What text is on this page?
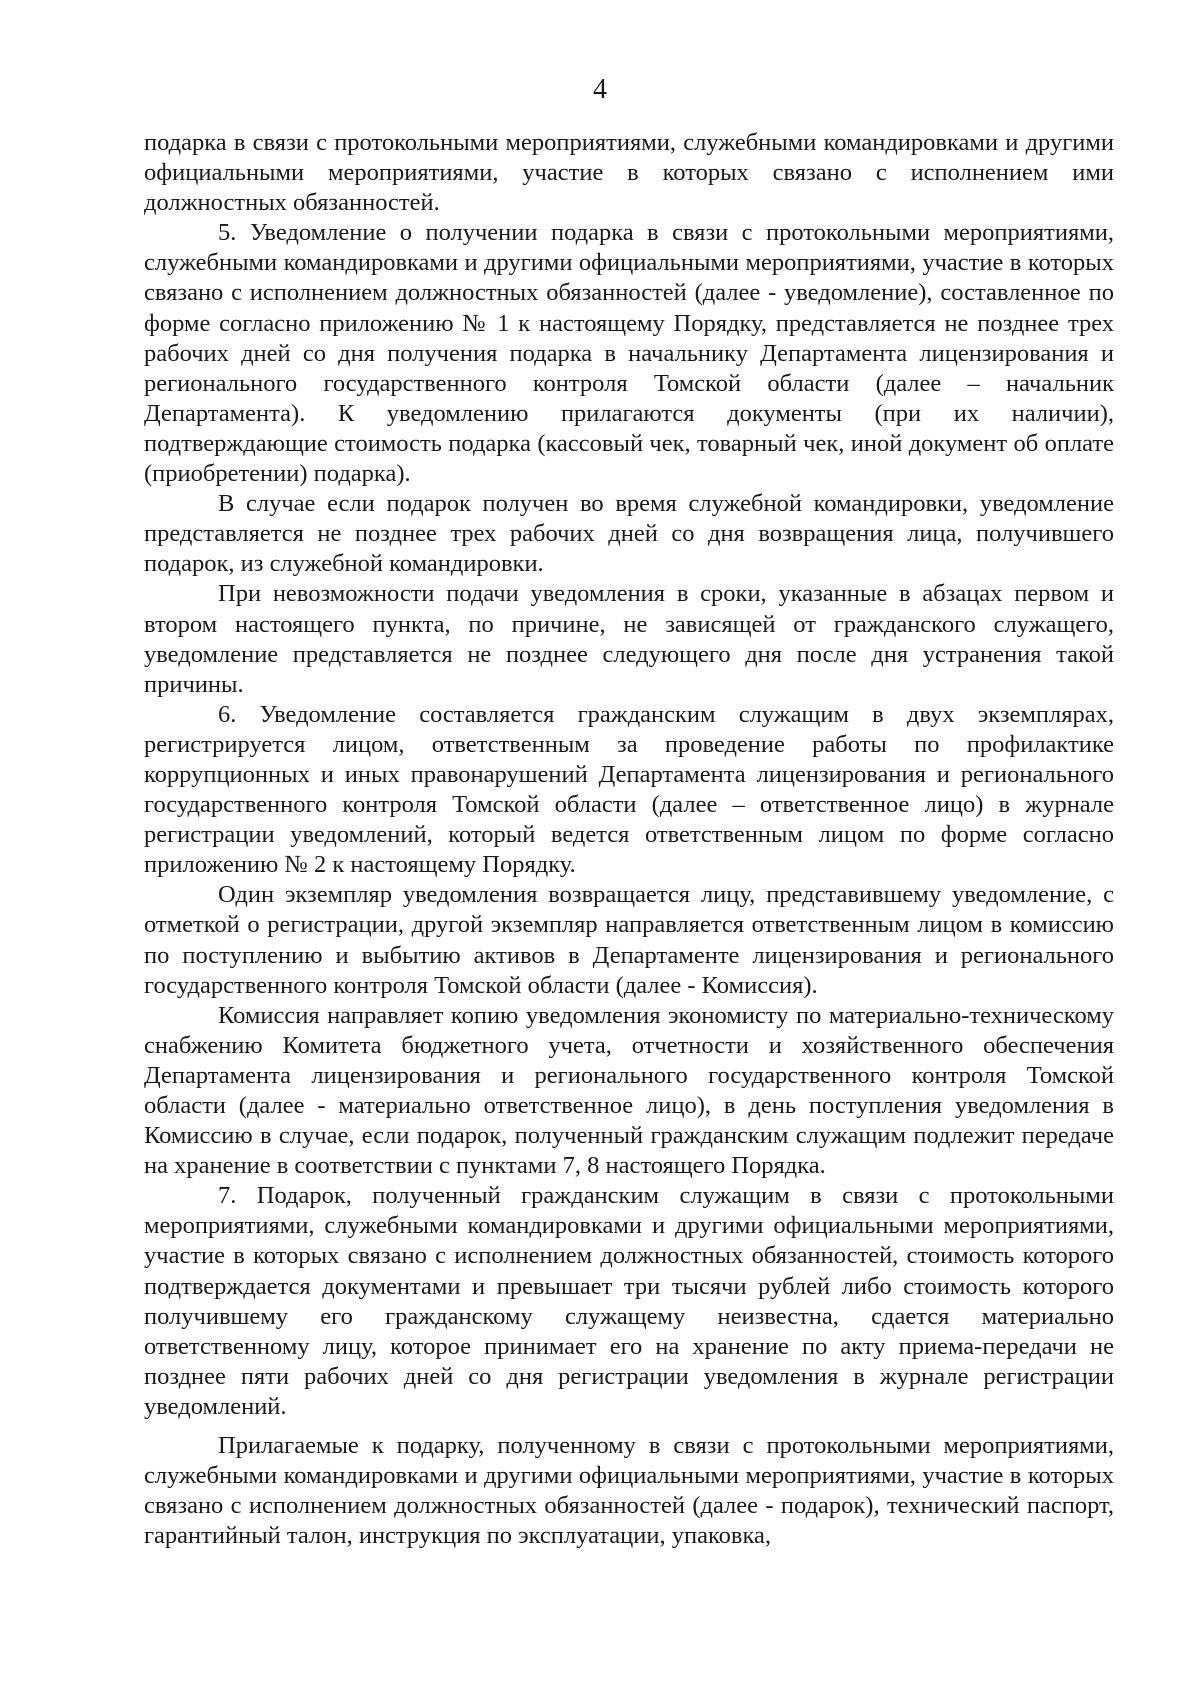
4

подарка в связи с протокольными мероприятиями, служебными командировками и другими официальными мероприятиями, участие в которых связано с исполнением ими должностных обязанностей.

5. Уведомление о получении подарка в связи с протокольными мероприятиями, служебными командировками и другими официальными мероприятиями, участие в которых связано с исполнением должностных обязанностей (далее - уведомление), составленное по форме согласно приложению № 1 к настоящему Порядку, представляется не позднее трех рабочих дней со дня получения подарка в начальнику Департамента лицензирования и регионального государственного контроля Томской области (далее – начальник Департамента). К уведомлению прилагаются документы (при их наличии), подтверждающие стоимость подарка (кассовый чек, товарный чек, иной документ об оплате (приобретении) подарка).

В случае если подарок получен во время служебной командировки, уведомление представляется не позднее трех рабочих дней со дня возвращения лица, получившего подарок, из служебной командировки.

При невозможности подачи уведомления в сроки, указанные в абзацах первом и втором настоящего пункта, по причине, не зависящей от гражданского служащего, уведомление представляется не позднее следующего дня после дня устранения такой причины.

6. Уведомление составляется гражданским служащим в двух экземплярах, регистрируется лицом, ответственным за проведение работы по профилактике коррупционных и иных правонарушений Департамента лицензирования и регионального государственного контроля Томской области (далее – ответственное лицо) в журнале регистрации уведомлений, который ведется ответственным лицом по форме согласно приложению № 2 к настоящему Порядку.

Один экземпляр уведомления возвращается лицу, представившему уведомление, с отметкой о регистрации, другой экземпляр направляется ответственным лицом в комиссию по поступлению и выбытию активов в Департаменте лицензирования и регионального государственного контроля Томской области (далее - Комиссия).

Комиссия направляет копию уведомления экономисту по материально-техническому снабжению Комитета бюджетного учета, отчетности и хозяйственного обеспечения Департамента лицензирования и регионального государственного контроля Томской области (далее - материально ответственное лицо), в день поступления уведомления в Комиссию в случае, если подарок, полученный гражданским служащим подлежит передаче на хранение в соответствии с пунктами 7, 8 настоящего Порядка.

7. Подарок, полученный гражданским служащим в связи с протокольными мероприятиями, служебными командировками и другими официальными мероприятиями, участие в которых связано с исполнением должностных обязанностей, стоимость которого подтверждается документами и превышает три тысячи рублей либо стоимость которого получившему его гражданскому служащему неизвестна, сдается материально ответственному лицу, которое принимает его на хранение по акту приема-передачи не позднее пяти рабочих дней со дня регистрации уведомления в журнале регистрации уведомлений.

Прилагаемые к подарку, полученному в связи с протокольными мероприятиями, служебными командировками и другими официальными мероприятиями, участие в которых связано с исполнением должностных обязанностей (далее - подарок), технический паспорт, гарантийный талон, инструкция по эксплуатации, упаковка,
